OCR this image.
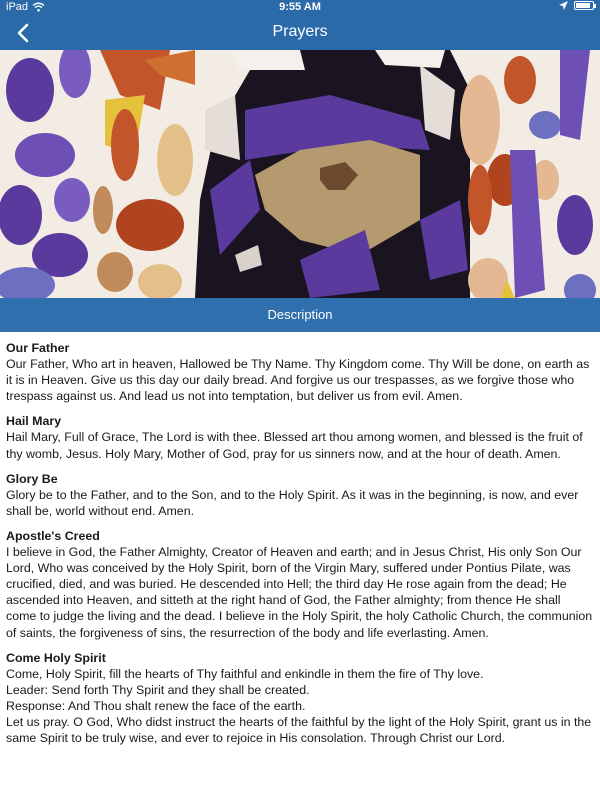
iPad	9:55 AM
Prayers
Description
Our Father
Our Father, Who art in heaven, Hallowed be Thy Name. Thy Kingdom come. Thy Will be done, on earth as it is in Heaven. Give us this day our daily bread. And forgive us our trespasses, as we forgive those who trespass against us. And lead us not into temptation, but deliver us from evil. Amen.
Hail Mary
Hail Mary, Full of Grace, The Lord is with thee. Blessed art thou among women, and blessed is the fruit of thy womb, Jesus. Holy Mary, Mother of God, pray for us sinners now, and at the hour of death. Amen.
Glory Be
Glory be to the Father, and to the Son, and to the Holy Spirit. As it was in the beginning, is now, and ever shall be, world without end. Amen.
Apostle's Creed
I believe in God, the Father Almighty, Creator of Heaven and earth; and in Jesus Christ, His only Son Our Lord, Who was conceived by the Holy Spirit, born of the Virgin Mary, suffered under Pontius Pilate, was crucified, died, and was buried. He descended into Hell; the third day He rose again from the dead; He ascended into Heaven, and sitteth at the right hand of God, the Father almighty; from thence He shall come to judge the living and the dead. I believe in the Holy Spirit, the holy Catholic Church, the communion of saints, the forgiveness of sins, the resurrection of the body and life everlasting. Amen.
Come Holy Spirit
Come, Holy Spirit, fill the hearts of Thy faithful and enkindle in them the fire of Thy love.
Leader: Send forth Thy Spirit and they shall be created.
Response: And Thou shalt renew the face of the earth.
Let us pray. O God, Who didst instruct the hearts of the faithful by the light of the Holy Spirit, grant us in the same Spirit to be truly wise, and ever to rejoice in His consolation. Through Christ our Lord.
